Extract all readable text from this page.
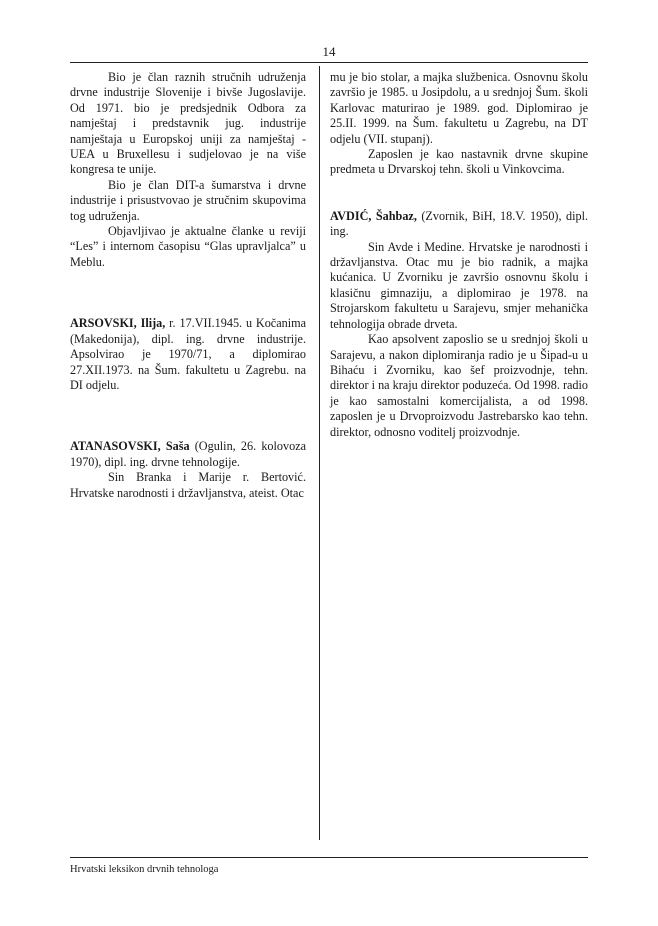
14

Bio je član raznih stručnih udruženja drvne industrije Slovenije i bivše Jugoslavije. Od 1971. bio je predsjednik Odbora za namještaj i predstavnik jug. industrije namještaja u Europskoj uniji za namještaj - UEA u Bruxellesu i sudjelovao je na više kongresa te unije.

Bio je član DIT-a šumarstva i drvne industrije i prisustvovao je stručnim skupovima tog udruženja.

Objavljivao je aktualne članke u reviji “Les” i internom časopisu “Glas upravljalca” u Meblu.

ARSOVSKI, Ilija, r. 17.VII.1945. u Kočanima (Makedonija), dipl. ing. drvne industrije. Apsolvirao je 1970/71, a diplomirao 27.XII.1973. na Šum. fakultetu u Zagrebu. na DI odjelu.

ATANASOVSKI, Saša (Ogulin, 26. kolovoza 1970), dipl. ing. drvne tehnologije.

Sin Branka i Marije r. Bertović. Hrvatske narodnosti i državljanstva, ateist. Otac

mu je bio stolar, a majka službenica. Osnovnu školu završio je 1985. u Josipdolu, a u srednjoj Šum. školi Karlovac maturirao je 1989. god. Diplomirao je 25.II. 1999. na Šum. fakultetu u Zagrebu, na DT odjelu (VII. stupanj).

Zaposlen je kao nastavnik drvne skupine predmeta u Drvarskoj tehn. školi u Vinkovcima.

AVDIĆ, Šahbaz, (Zvornik, BiH, 18.V. 1950), dipl. ing.

Sin Avde i Medine. Hrvatske je narodnosti i državljanstva. Otac mu je bio radnik, a majka kućanica. U Zvorniku je završio osnovnu školu i klasičnu gimnaziju, a diplomirao je 1978. na Strojarskom fakultetu u Sarajevu, smjer mehanička tehnologija obrade drveta.

Kao apsolvent zaposlio se u srednjoj školi u Sarajevu, a nakon diplomiranja radio je u Šipad-u u Bihaću i Zvorniku, kao šef proizvodnje, tehn. direktor i na kraju direktor poduzeća. Od 1998. radio je kao samostalni komercijalista, a od 1998. zaposlen je u Drvoproizvodu Jastrebarsko kao tehn. direktor, odnosno voditelj proizvodnje.

Hrvatski leksikon drvnih tehnologa
